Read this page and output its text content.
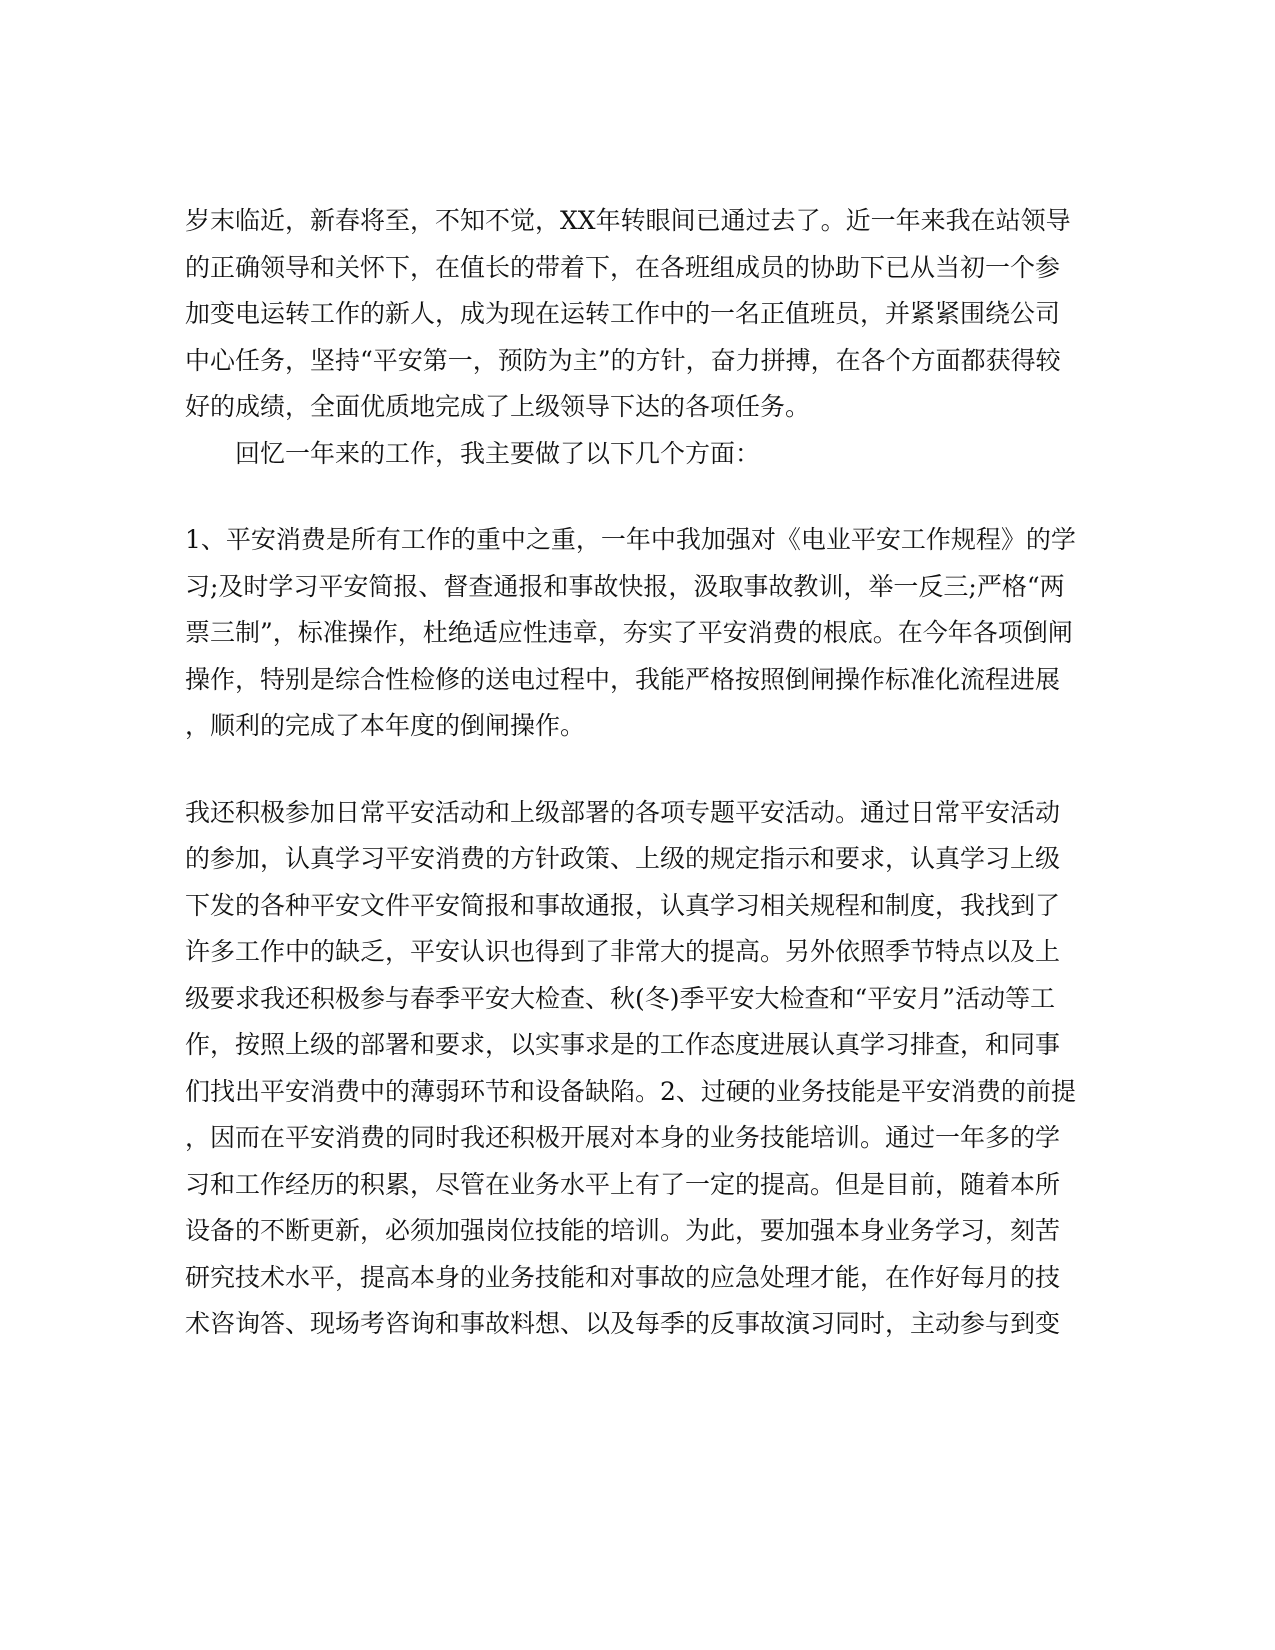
岁末临近，新春将至，不知不觉，XX年转眼间已通过去了。近一年来我在站领导
的正确领导和关怀下，在值长的带着下，在各班组成员的协助下已从当初一个参
加变电运转工作的新人，成为现在运转工作中的一名正值班员，并紧紧围绕公司
中心任务，坚持“平安第一，预防为主”的方针，奋力拼搏，在各个方面都获得较
好的成绩，全面优质地完成了上级领导下达的各项任务。
回忆一年来的工作，我主要做了以下几个方面：
1、平安消费是所有工作的重中之重，一年中我加强对《电业平安工作规程》的学
习;及时学习平安简报、督查通报和事故快报，汲取事故教训，举一反三;严格“两
票三制”，标准操作，杜绝适应性违章，夯实了平安消费的根底。在今年各项倒闸
操作，特别是综合性检修的送电过程中，我能严格按照倒闸操作标准化流程进展
，顺利的完成了本年度的倒闸操作。
我还积极参加日常平安活动和上级部署的各项专题平安活动。通过日常平安活动
的参加，认真学习平安消费的方针政策、上级的规定指示和要求，认真学习上级
下发的各种平安文件平安简报和事故通报，认真学习相关规程和制度，我找到了
许多工作中的缺乏，平安认识也得到了非常大的提高。另外依照季节特点以及上
级要求我还积极参与春季平安大检查、秋(冬)季平安大检查和“平安月”活动等工
作，按照上级的部署和要求，以实事求是的工作态度进展认真学习排查，和同事
们找出平安消费中的薄弱环节和设备缺陷。2、过硬的业务技能是平安消费的前提
，因而在平安消费的同时我还积极开展对本身的业务技能培训。通过一年多的学
习和工作经历的积累，尽管在业务水平上有了一定的提高。但是目前，随着本所
设备的不断更新，必须加强岗位技能的培训。为此，要加强本身业务学习，刻苦
研究技术水平，提高本身的业务技能和对事故的应急处理才能，在作好每月的技
术咨询答、现场考咨询和事故料想、以及每季的反事故演习同时，主动参与到变
